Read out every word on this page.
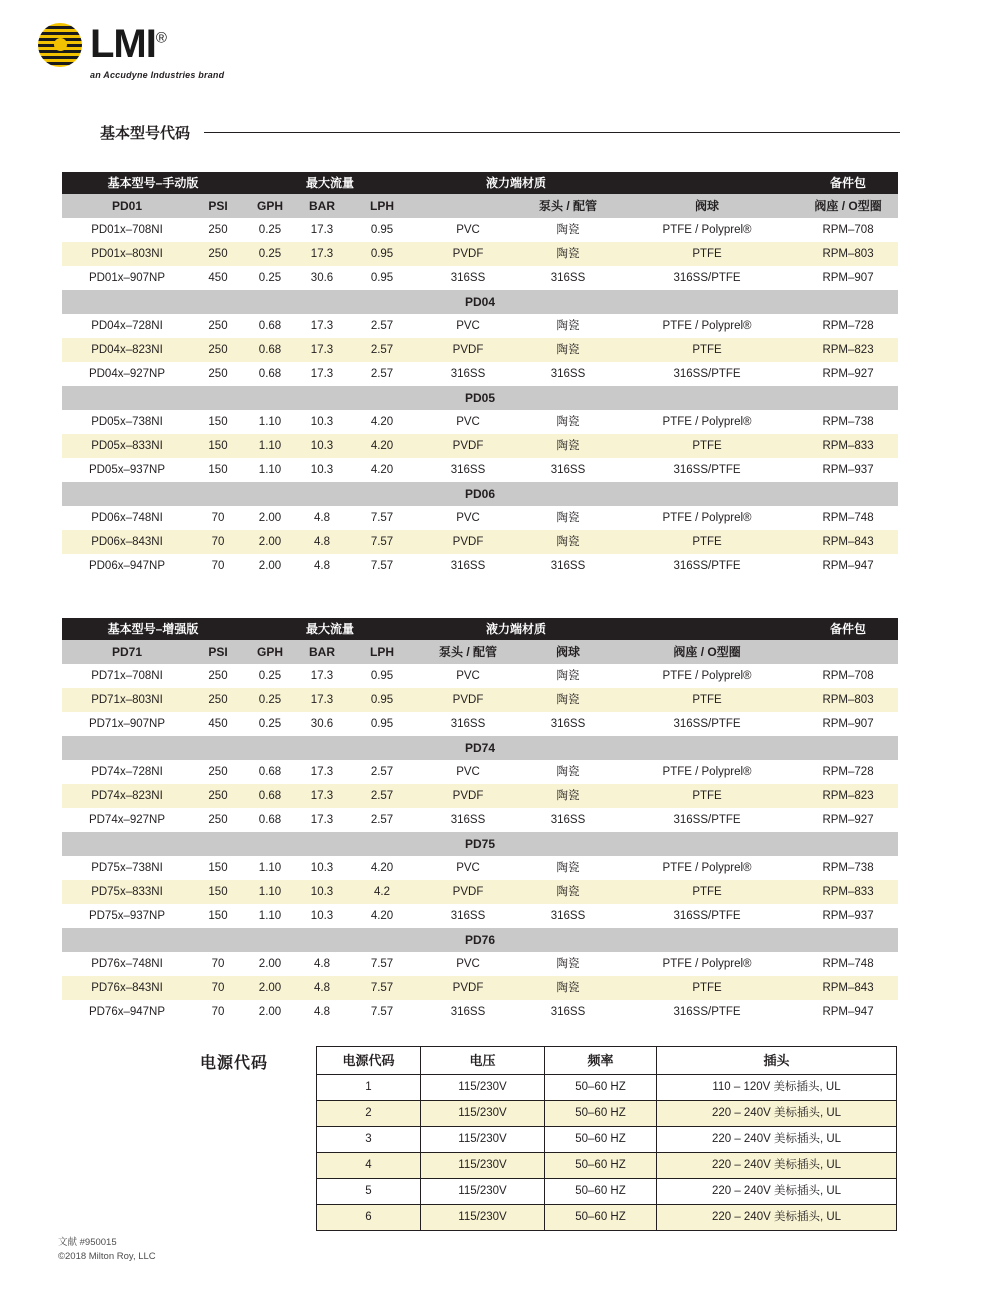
LMI®
an Accudyne Industries brand
基本型号代码
基本型号–手动版		最大流量			液力端材质			备件包
PD01	PSI	GPH	BAR	LPH		泵头 / 配管	阀球	阀座 / O型圈
PD01x–708NI	250	0.25	17.3	0.95	PVC	陶瓷	PTFE / Polyprel®	RPM–708
PD01x–803NI	250	0.25	17.3	0.95	PVDF	陶瓷	PTFE	RPM–803
PD01x–907NP	450	0.25	30.6	0.95	316SS	316SS	316SS/PTFE	RPM–907
PD04								
PD04x–728NI	250	0.68	17.3	2.57	PVC	陶瓷	PTFE / Polyprel®	RPM–728
PD04x–823NI	250	0.68	17.3	2.57	PVDF	陶瓷	PTFE	RPM–823
PD04x–927NP	250	0.68	17.3	2.57	316SS	316SS	316SS/PTFE	RPM–927
PD05								
PD05x–738NI	150	1.10	10.3	4.20	PVC	陶瓷	PTFE / Polyprel®	RPM–738
PD05x–833NI	150	1.10	10.3	4.20	PVDF	陶瓷	PTFE	RPM–833
PD05x–937NP	150	1.10	10.3	4.20	316SS	316SS	316SS/PTFE	RPM–937
PD06								
PD06x–748NI	70	2.00	4.8	7.57	PVC	陶瓷	PTFE / Polyprel®	RPM–748
PD06x–843NI	70	2.00	4.8	7.57	PVDF	陶瓷	PTFE	RPM–843
PD06x–947NP	70	2.00	4.8	7.57	316SS	316SS	316SS/PTFE	RPM–947
基本型号–增强版		最大流量			液力端材质			备件包
PD71	PSI	GPH	BAR	LPH	泵头 / 配管	阀球	阀座 / O型圈	
PD71x–708NI	250	0.25	17.3	0.95	PVC	陶瓷	PTFE / Polyprel®	RPM–708
PD71x–803NI	250	0.25	17.3	0.95	PVDF	陶瓷	PTFE	RPM–803
PD71x–907NP	450	0.25	30.6	0.95	316SS	316SS	316SS/PTFE	RPM–907
PD74								
PD74x–728NI	250	0.68	17.3	2.57	PVC	陶瓷	PTFE / Polyprel®	RPM–728
PD74x–823NI	250	0.68	17.3	2.57	PVDF	陶瓷	PTFE	RPM–823
PD74x–927NP	250	0.68	17.3	2.57	316SS	316SS	316SS/PTFE	RPM–927
PD75								
PD75x–738NI	150	1.10	10.3	4.20	PVC	陶瓷	PTFE / Polyprel®	RPM–738
PD75x–833NI	150	1.10	10.3	4.2	PVDF	陶瓷	PTFE	RPM–833
PD75x–937NP	150	1.10	10.3	4.20	316SS	316SS	316SS/PTFE	RPM–937
PD76								
PD76x–748NI	70	2.00	4.8	7.57	PVC	陶瓷	PTFE / Polyprel®	RPM–748
PD76x–843NI	70	2.00	4.8	7.57	PVDF	陶瓷	PTFE	RPM–843
PD76x–947NP	70	2.00	4.8	7.57	316SS	316SS	316SS/PTFE	RPM–947
电源代码	电源代码	电压	频率	插头
1	115/230V	50–60 HZ	110 – 120V 美标插头, UL
2	115/230V	50–60 HZ	220 – 240V 美标插头, UL
3	115/230V	50–60 HZ	220 – 240V 美标插头, UL
4	115/230V	50–60 HZ	220 – 240V 美标插头, UL
5	115/230V	50–60 HZ	220 – 240V 美标插头, UL
6	115/230V	50–60 HZ	220 – 240V 美标插头, UL
文献 #950015
©2018 Milton Roy, LLC
